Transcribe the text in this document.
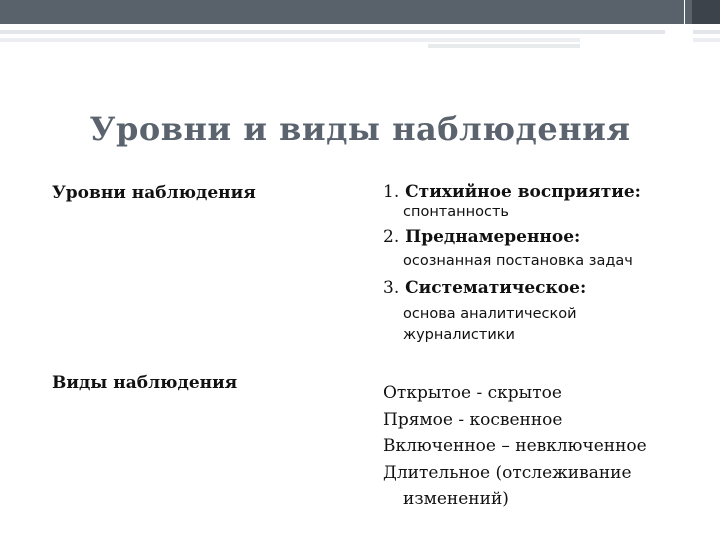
Уровни и виды наблюдения
Уровни наблюдения	1. Стихийное восприятие:
спонтанность
2. Преднамеренное:
осознанная постановка задач
3. Систематическое:
основа аналитической
журналистики
Виды наблюдения	Открытое - скрытое
Прямое - косвенное
Включенное – невключенное
Длительное (отслеживание
изменений)
